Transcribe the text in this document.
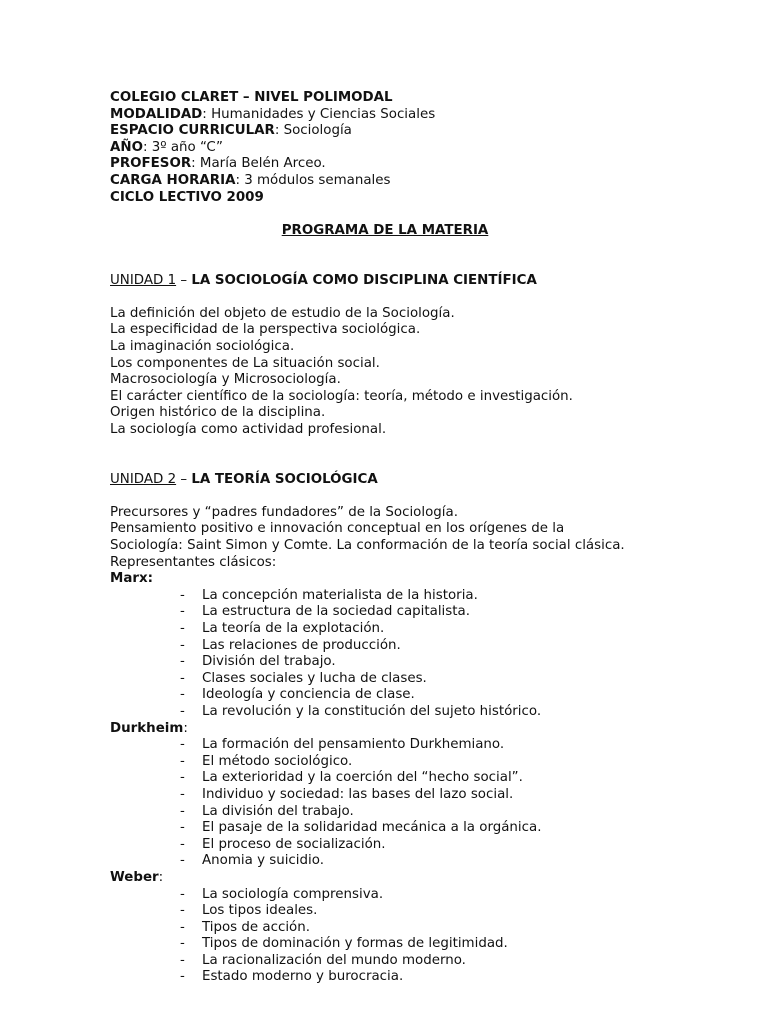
COLEGIO CLARET – NIVEL POLIMODAL
MODALIDAD: Humanidades y Ciencias Sociales
ESPACIO CURRICULAR: Sociología
AÑO: 3º año “C”
PROFESOR: María Belén Arceo.
CARGA HORARIA: 3 módulos semanales
CICLO LECTIVO 2009
PROGRAMA DE LA MATERIA
UNIDAD 1 – LA SOCIOLOGÍA COMO DISCIPLINA CIENTÍFICA
La definición del objeto de estudio de la Sociología.
La especificidad de la perspectiva sociológica.
La imaginación sociológica.
Los componentes de La situación social.
Macrosociología y Microsociología.
El carácter científico de la sociología: teoría, método e investigación.
Origen histórico de la disciplina.
La sociología como actividad profesional.
UNIDAD 2 – LA TEORÍA SOCIOLÓGICA
Precursores y “padres fundadores” de la Sociología.
Pensamiento positivo e innovación conceptual en los orígenes de la
Sociología: Saint Simon y Comte. La conformación de la teoría social clásica.
Representantes clásicos:
Marx:
- La concepción materialista de la historia.
- La estructura de la sociedad capitalista.
- La teoría de la explotación.
- Las relaciones de producción.
- División del trabajo.
- Clases sociales y lucha de clases.
- Ideología y conciencia de clase.
- La revolución y la constitución del sujeto histórico.
Durkheim:
- La formación del pensamiento Durkhemiano.
- El método sociológico.
- La exterioridad y la coerción del “hecho social”.
- Individuo y sociedad: las bases del lazo social.
- La división del trabajo.
- El pasaje de la solidaridad mecánica a la orgánica.
- El proceso de socialización.
- Anomia y suicidio.
Weber:
- La sociología comprensiva.
- Los tipos ideales.
- Tipos de acción.
- Tipos de dominación y formas de legitimidad.
- La racionalización del mundo moderno.
- Estado moderno y burocracia.
